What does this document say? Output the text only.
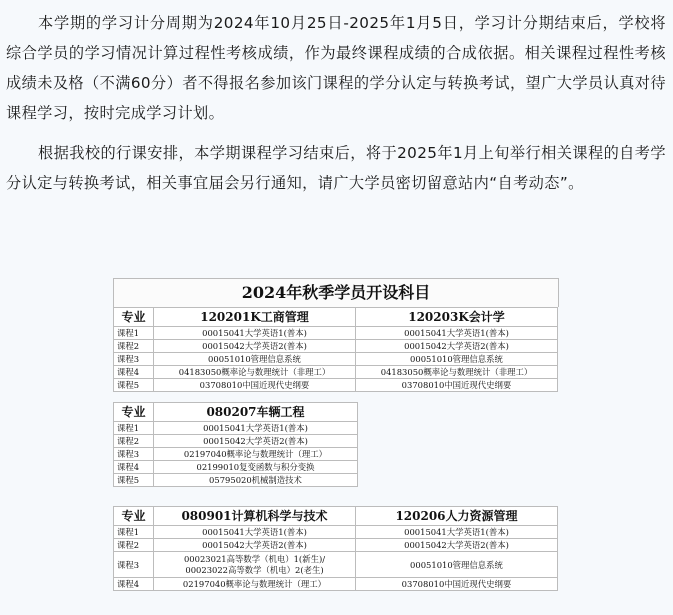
本学期的学习计分周期为2024年10月25日-2025年1月5日，学习计分期结束后，学校将综合学员的学习情况计算过程性考核成绩，作为最终课程成绩的合成依据。相关课程过程性考核成绩未及格（不满60分）者不得报名参加该门课程的学分认定与转换考试，望广大学员认真对待课程学习，按时完成学习计划。

根据我校的行课安排，本学期课程学习结束后，将于2025年1月上旬举行相关课程的自考学分认定与转换考试，相关事宜届会另行通知，请广大学员密切留意站内“自考动态”。

2024年秋季学员开设科目
专业	120201K工商管理	120203K会计学
课程1	00015041大学英语1(普本)	00015041大学英语1(普本)
课程2	00015042大学英语2(普本)	00015042大学英语2(普本)
课程3	00051010管理信息系统	00051010管理信息系统
课程4	04183050概率论与数理统计（非理工）	04183050概率论与数理统计（非理工）
课程5	03708010中国近现代史纲要	03708010中国近现代史纲要
专业	080207车辆工程
课程1	00015041大学英语1(普本)
课程2	00015042大学英语2(普本)
课程3	02197040概率论与数理统计（理工）
课程4	02199010复变函数与积分变换
课程5	05795020机械制造技术
专业	080901计算机科学与技术	120206人力资源管理
课程1	00015041大学英语1(普本)	00015041大学英语1(普本)
课程2	00015042大学英语2(普本)	00015042大学英语2(普本)
课程3	00023021高等数学（机电）1(新生)/
00023022高等数学（机电）2(老生)	00051010管理信息系统
课程4	02197040概率论与数理统计（理工）	03708010中国近现代史纲要
